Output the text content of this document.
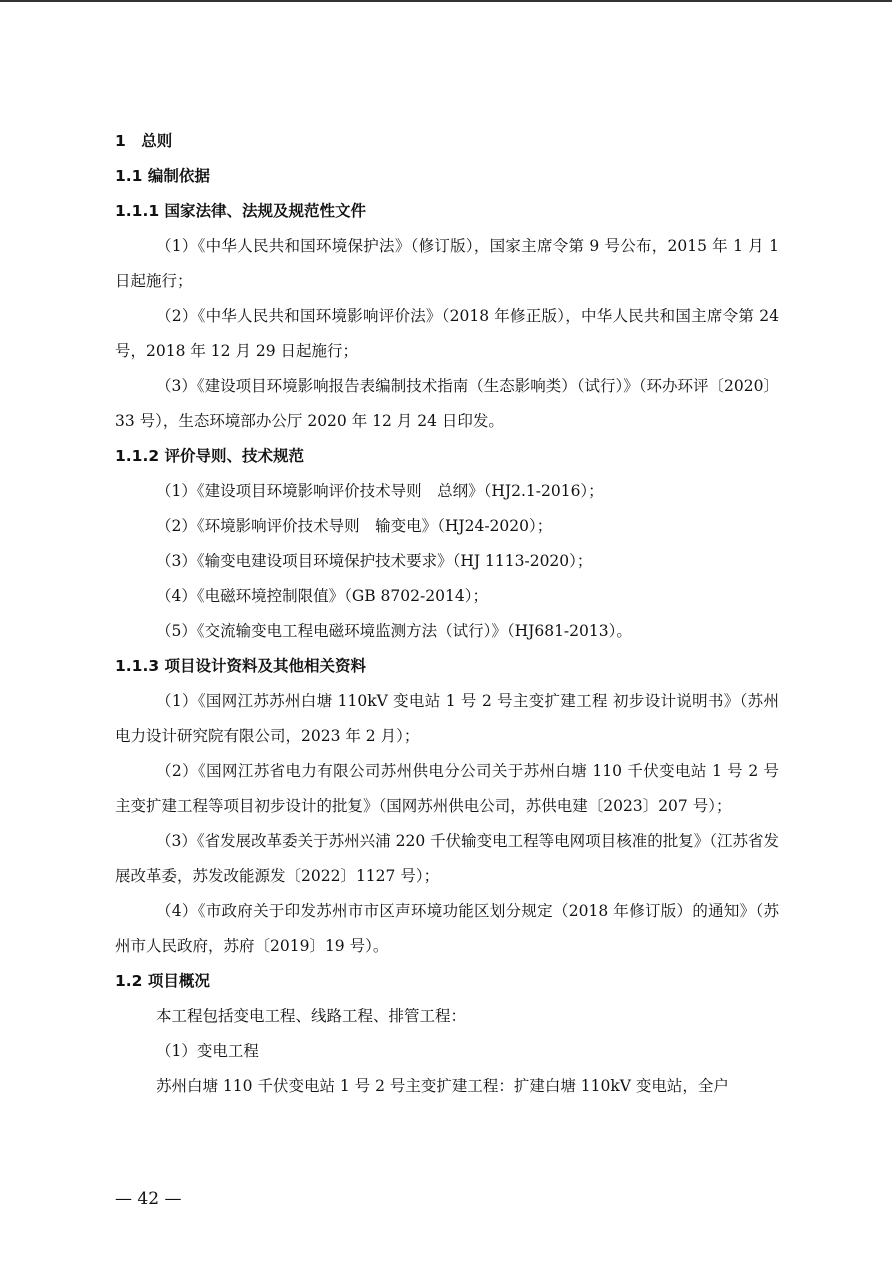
1　总则
1.1 编制依据
1.1.1 国家法律、法规及规范性文件

（1）《中华人民共和国环境保护法》（修订版），国家主席令第 9 号公布，2015 年 1 月 1 日起施行；

（2）《中华人民共和国环境影响评价法》（2018 年修正版），中华人民共和国主席令第 24 号，2018 年 12 月 29 日起施行；

（3）《建设项目环境影响报告表编制技术指南（生态影响类）（试行）》（环办环评〔2020〕33 号），生态环境部办公厅 2020 年 12 月 24 日印发。

1.1.2 评价导则、技术规范

（1）《建设项目环境影响评价技术导则　总纲》（HJ2.1-2016）；

（2）《环境影响评价技术导则　输变电》（HJ24-2020）；

（3）《输变电建设项目环境保护技术要求》（HJ 1113-2020）；

（4）《电磁环境控制限值》（GB 8702-2014）；

（5）《交流输变电工程电磁环境监测方法（试行）》（HJ681-2013）。

1.1.3 项目设计资料及其他相关资料

（1）《国网江苏苏州白塘 110kV 变电站 1 号 2 号主变扩建工程 初步设计说明书》（苏州电力设计研究院有限公司，2023 年 2 月）；

（2）《国网江苏省电力有限公司苏州供电分公司关于苏州白塘 110 千伏变电站 1 号 2 号主变扩建工程等项目初步设计的批复》（国网苏州供电公司，苏供电建〔2023〕207 号）；

（3）《省发展改革委关于苏州兴浦 220 千伏输变电工程等电网项目核准的批复》（江苏省发展改革委，苏发改能源发〔2022〕1127 号）；

（4）《市政府关于印发苏州市市区声环境功能区划分规定（2018 年修订版）的通知》（苏州市人民政府，苏府〔2019〕19 号）。

1.2 项目概况

本工程包括变电工程、线路工程、排管工程：

（1）变电工程

苏州白塘 110 千伏变电站 1 号 2 号主变扩建工程：扩建白塘 110kV 变电站，全户

— 42 —
